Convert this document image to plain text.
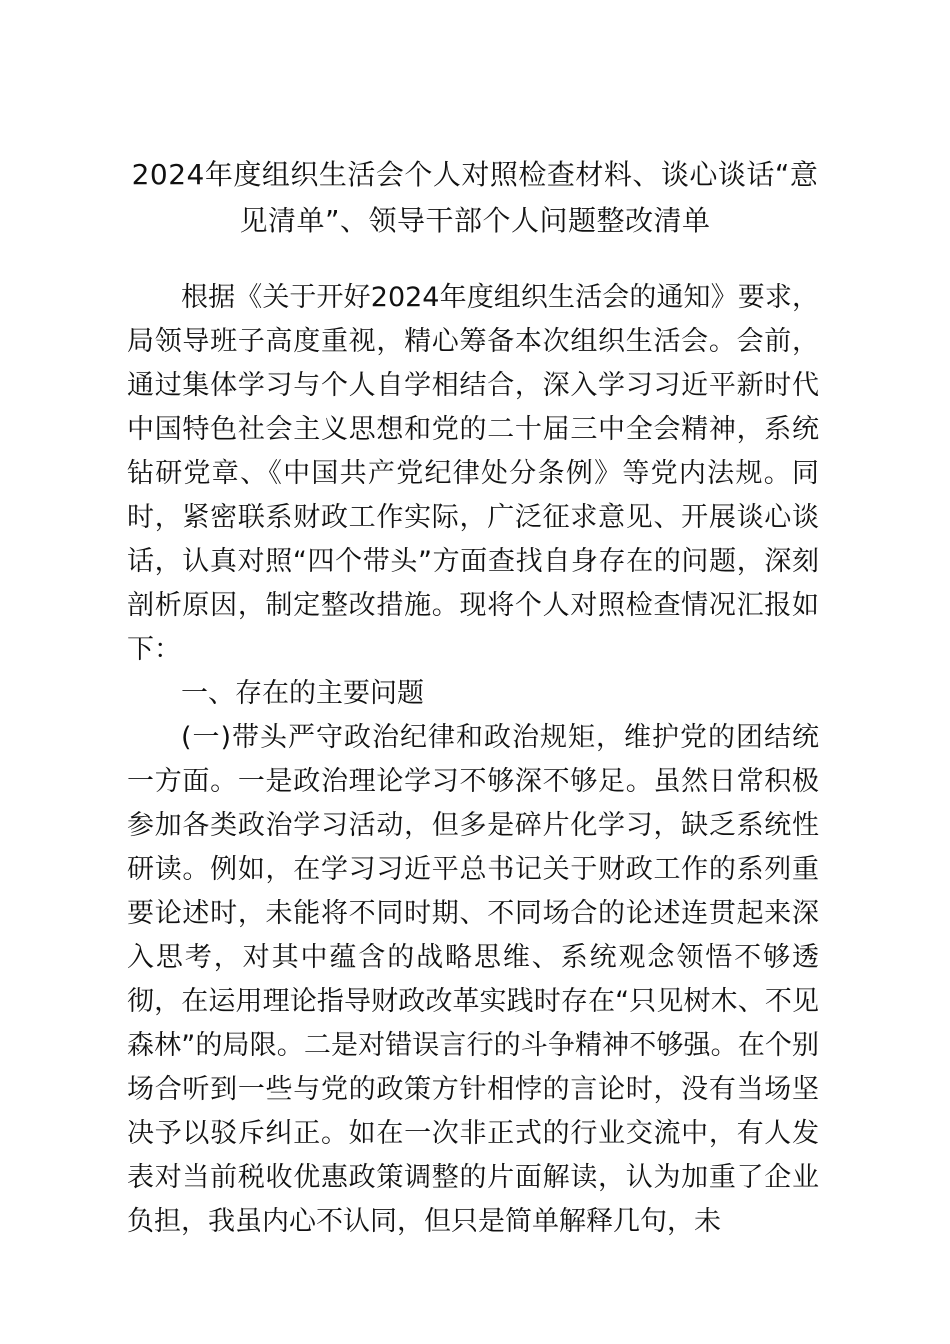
2024年度组织生活会个人对照检查材料、谈心谈话“意见清单”、领导干部个人问题整改清单

根据《关于开好2024年度组织生活会的通知》要求，局领导班子高度重视，精心筹备本次组织生活会。会前，通过集体学习与个人自学相结合，深入学习习近平新时代中国特色社会主义思想和党的二十届三中全会精神，系统钻研党章、《中国共产党纪律处分条例》等党内法规。同时，紧密联系财政工作实际，广泛征求意见、开展谈心谈话，认真对照“四个带头”方面查找自身存在的问题，深刻剖析原因，制定整改措施。现将个人对照检查情况汇报如下：

一、存在的主要问题

(一)带头严守政治纪律和政治规矩，维护党的团结统一方面。一是政治理论学习不够深不够足。虽然日常积极参加各类政治学习活动，但多是碎片化学习，缺乏系统性研读。例如，在学习习近平总书记关于财政工作的系列重要论述时，未能将不同时期、不同场合的论述连贯起来深入思考，对其中蕴含的战略思维、系统观念领悟不够透彻，在运用理论指导财政改革实践时存在“只见树木、不见森林”的局限。二是对错误言行的斗争精神不够强。在个别场合听到一些与党的政策方针相悖的言论时，没有当场坚决予以驳斥纠正。如在一次非正式的行业交流中，有人发表对当前税收优惠政策调整的片面解读，认为加重了企业负担，我虽内心不认同，但只是简单解释几句，未
